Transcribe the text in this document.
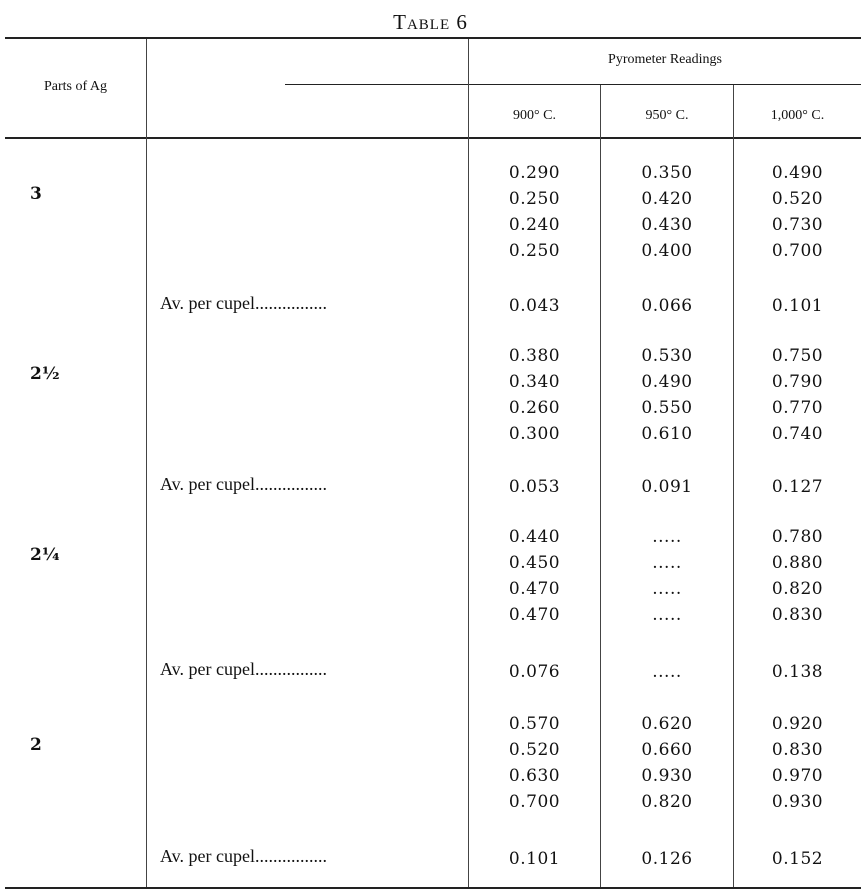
Table 6
Parts of Ag
Pyrometer Readings
900° C.	950° C.	1,000° C.
3
0.290	0.350	0.490
0.250	0.420	0.520
0.240	0.430	0.730
0.250	0.400	0.700
Av. per cupel................	0.043	0.066	0.101
2½
0.380	0.530	0.750
0.340	0.490	0.790
0.260	0.550	0.770
0.300	0.610	0.740
Av. per cupel................	0.053	0.091	0.127
2¼
0.440	.....	0.780
0.450	.....	0.880
0.470	.....	0.820
0.470	.....	0.830
Av. per cupel................	0.076	.....	0.138
2
0.570	0.620	0.920
0.520	0.660	0.830
0.630	0.930	0.970
0.700	0.820	0.930
Av. per cupel................	0.101	0.126	0.152
